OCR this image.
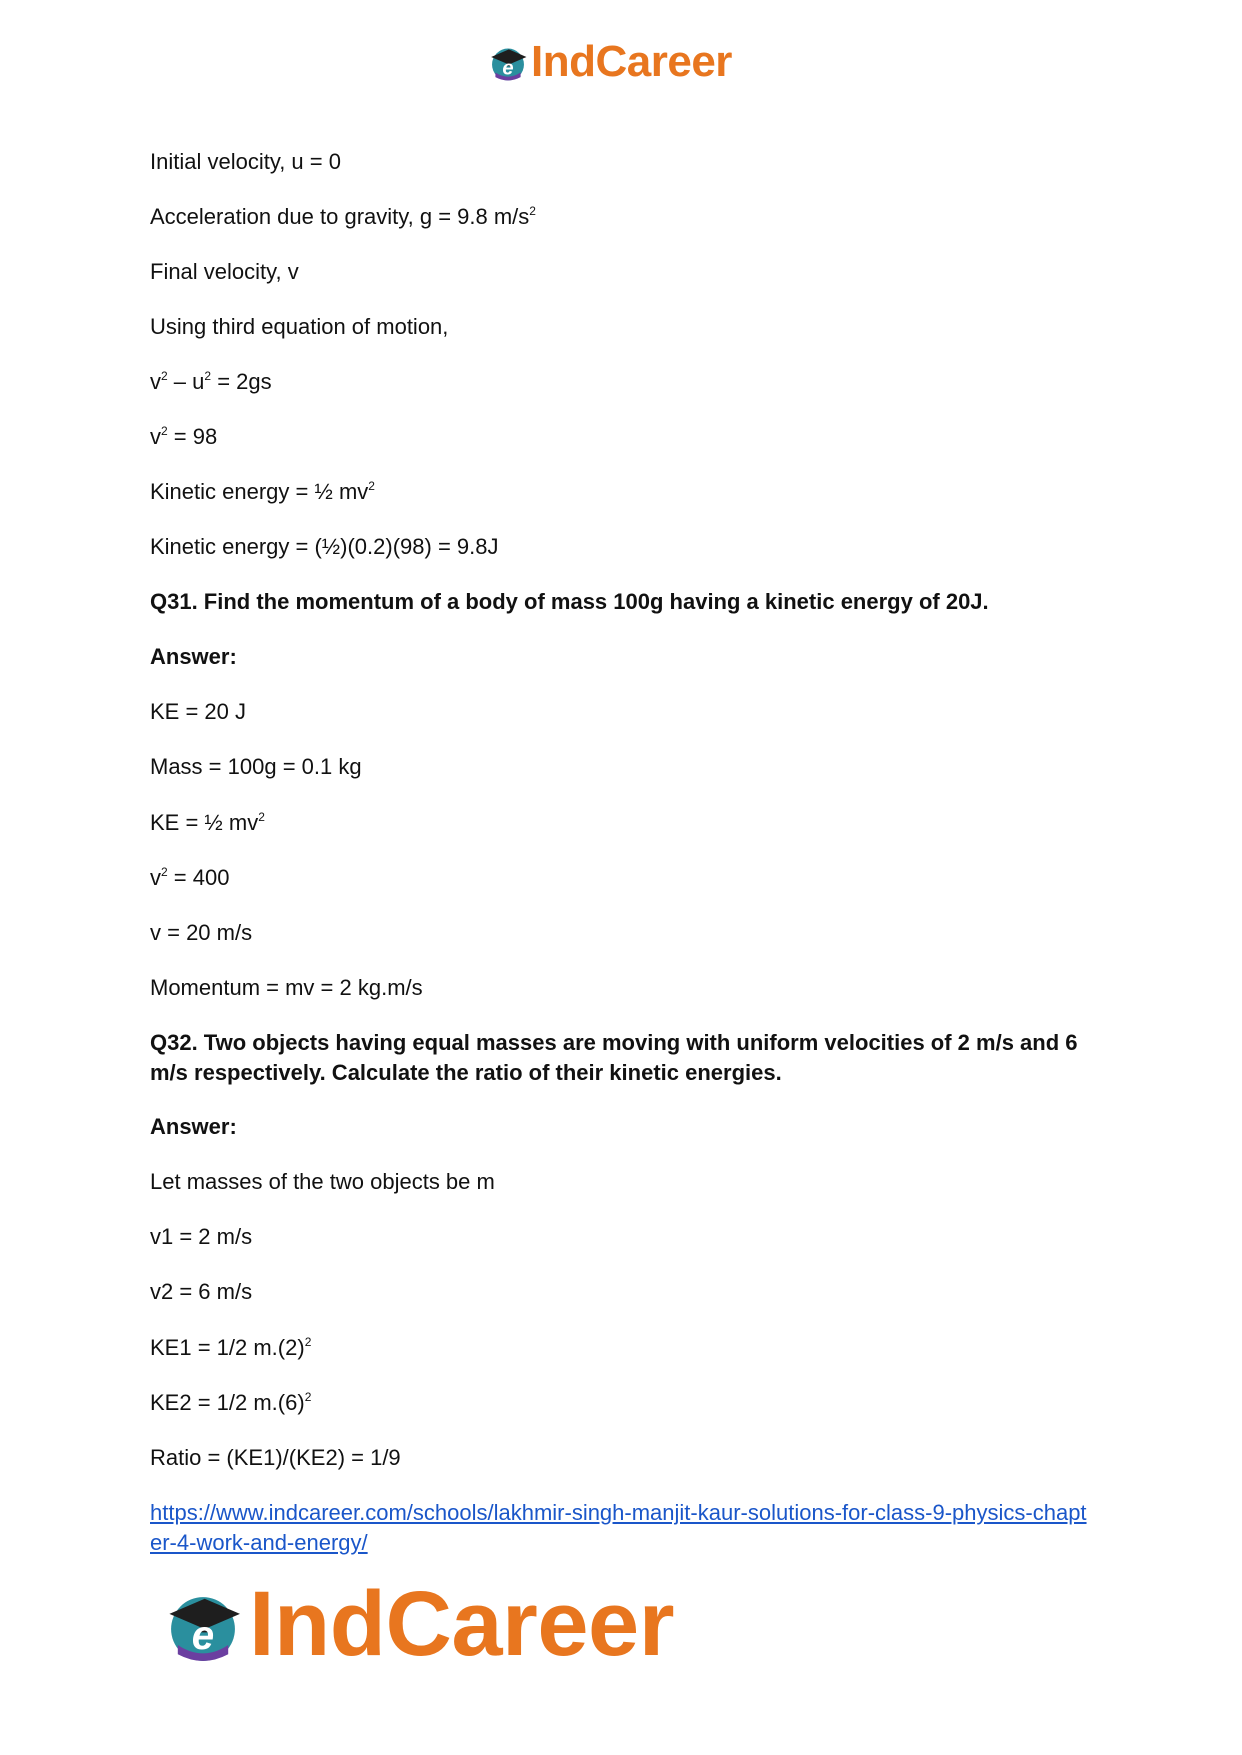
e IndCareer

Initial velocity, u = 0

Acceleration due to gravity, g = 9.8 $m/s^2$

Final velocity, v

Using third equation of motion,

$v^2 - u^2 = 2gs$

$v^2 = 98$

Kinetic energy = ½ $mv^2$

Kinetic energy = (½)(0.2)(98) = 9.8J

Q31. Find the momentum of a body of mass 100g having a kinetic energy of 20J.

Answer:

KE = 20 J

Mass = 100g = 0.1 kg

KE = ½ $mv^2$

$v^2 = 400$

v = 20 m/s

Momentum = mv = 2 kg.m/s

Q32. Two objects having equal masses are moving with uniform velocities of 2 m/s and 6 m/s respectively. Calculate the ratio of their kinetic energies.

Answer:

Let masses of the two objects be m

v1 = 2 m/s

v2 = 6 m/s

KE1 = 1/2 $m.(2)^2$

KE2 = 1/2 $m.(6)^2$

Ratio = (KE1)/(KE2) = 1/9

https://www.indcareer.com/schools/lakhmir-singh-manjit-kaur-solutions-for-class-9-physics-chapter-4-work-and-energy/
e IndCareer
